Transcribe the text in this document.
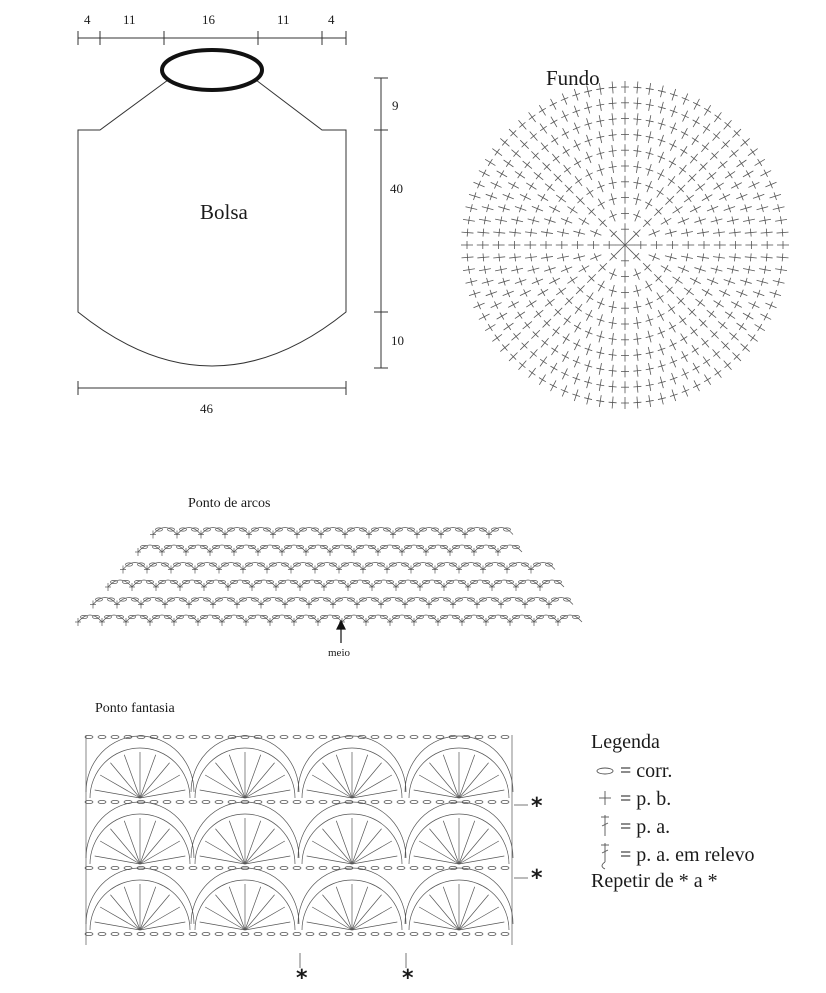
4	11	16	11	4
9
40
10
46
Bolsa
Fundo
Ponto de arcos
meio
Ponto fantasia
*
*
*	*
Legenda
= corr.
= p. b.
= p. a.
= p. a. em relevo
Repetir de * a *
